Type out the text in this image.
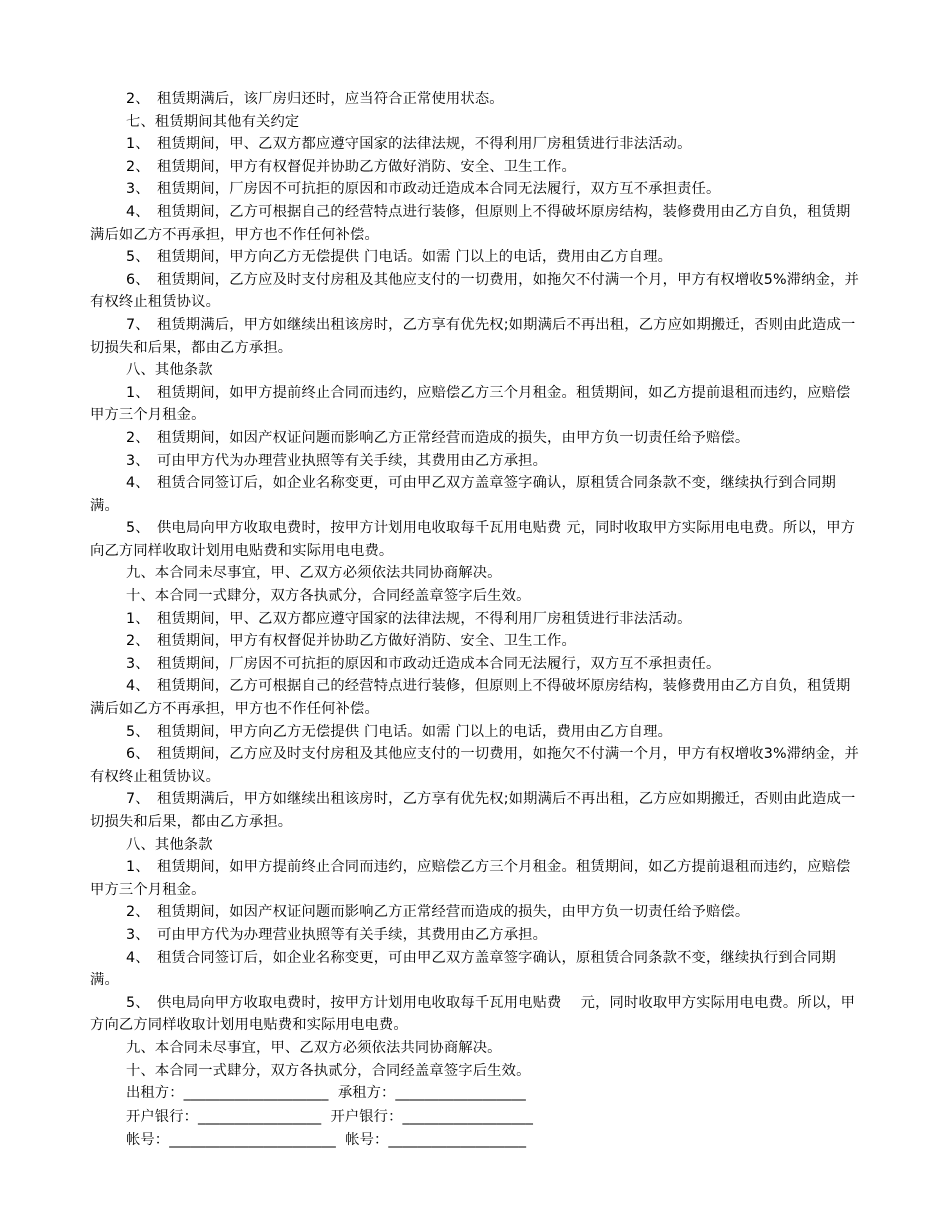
2、　租赁期满后，该厂房归还时，应当符合正常使用状态。

七、租赁期间其他有关约定

1、　租赁期间，甲、乙双方都应遵守国家的法律法规，不得利用厂房租赁进行非法活动。

2、　租赁期间，甲方有权督促并协助乙方做好消防、安全、卫生工作。

3、　租赁期间，厂房因不可抗拒的原因和市政动迁造成本合同无法履行，双方互不承担责任。

4、　租赁期间，乙方可根据自己的经营特点进行装修，但原则上不得破坏原房结构，装修费用由乙方自负，租赁期满后如乙方不再承担，甲方也不作任何补偿。

5、　租赁期间，甲方向乙方无偿提供 门电话。如需 门以上的电话，费用由乙方自理。

6、　租赁期间，乙方应及时支付房租及其他应支付的一切费用，如拖欠不付满一个月，甲方有权增收5%滞纳金，并有权终止租赁协议。

7、　租赁期满后，甲方如继续出租该房时，乙方享有优先权;如期满后不再出租，乙方应如期搬迁，否则由此造成一切损失和后果，都由乙方承担。

八、其他条款

1、　租赁期间，如甲方提前终止合同而违约，应赔偿乙方三个月租金。租赁期间，如乙方提前退租而违约，应赔偿甲方三个月租金。

2、　租赁期间，如因产权证问题而影响乙方正常经营而造成的损失，由甲方负一切责任给予赔偿。

3、　可由甲方代为办理营业执照等有关手续，其费用由乙方承担。

4、　租赁合同签订后，如企业名称变更，可由甲乙双方盖章签字确认，原租赁合同条款不变，继续执行到合同期满。

5、　供电局向甲方收取电费时，按甲方计划用电收取每千瓦用电贴费 元，同时收取甲方实际用电电费。所以，甲方向乙方同样收取计划用电贴费和实际用电电费。

九、本合同未尽事宜，甲、乙双方必须依法共同协商解决。

十、本合同一式肆分，双方各执贰分，合同经盖章签字后生效。

1、　租赁期间，甲、乙双方都应遵守国家的法律法规，不得利用厂房租赁进行非法活动。

2、　租赁期间，甲方有权督促并协助乙方做好消防、安全、卫生工作。

3、　租赁期间，厂房因不可抗拒的原因和市政动迁造成本合同无法履行，双方互不承担责任。

4、　租赁期间，乙方可根据自己的经营特点进行装修，但原则上不得破坏原房结构，装修费用由乙方自负，租赁期满后如乙方不再承担，甲方也不作任何补偿。

5、　租赁期间，甲方向乙方无偿提供 门电话。如需 门以上的电话，费用由乙方自理。

6、　租赁期间，乙方应及时支付房租及其他应支付的一切费用，如拖欠不付满一个月，甲方有权增收3%滞纳金，并有权终止租赁协议。

7、　租赁期满后，甲方如继续出租该房时，乙方享有优先权;如期满后不再出租，乙方应如期搬迁，否则由此造成一切损失和后果，都由乙方承担。

八、其他条款

1、　租赁期间，如甲方提前终止合同而违约，应赔偿乙方三个月租金。租赁期间，如乙方提前退租而违约，应赔偿甲方三个月租金。

2、　租赁期间，如因产权证问题而影响乙方正常经营而造成的损失，由甲方负一切责任给予赔偿。

3、　可由甲方代为办理营业执照等有关手续，其费用由乙方承担。

4、　租赁合同签订后，如企业名称变更，可由甲乙双方盖章签字确认，原租赁合同条款不变，继续执行到合同期满。

5、　供电局向甲方收取电费时，按甲方计划用电收取每千瓦用电贴费　 元，同时收取甲方实际用电电费。所以，甲方向乙方同样收取计划用电贴费和实际用电电费。

九、本合同未尽事宜，甲、乙双方必须依法共同协商解决。

十、本合同一式肆分，双方各执贰分，合同经盖章签字后生效。

出租方：____________________  承租方：__________________

开户银行：_________________  开户银行：__________________

帐号：_______________________  帐号：___________________
